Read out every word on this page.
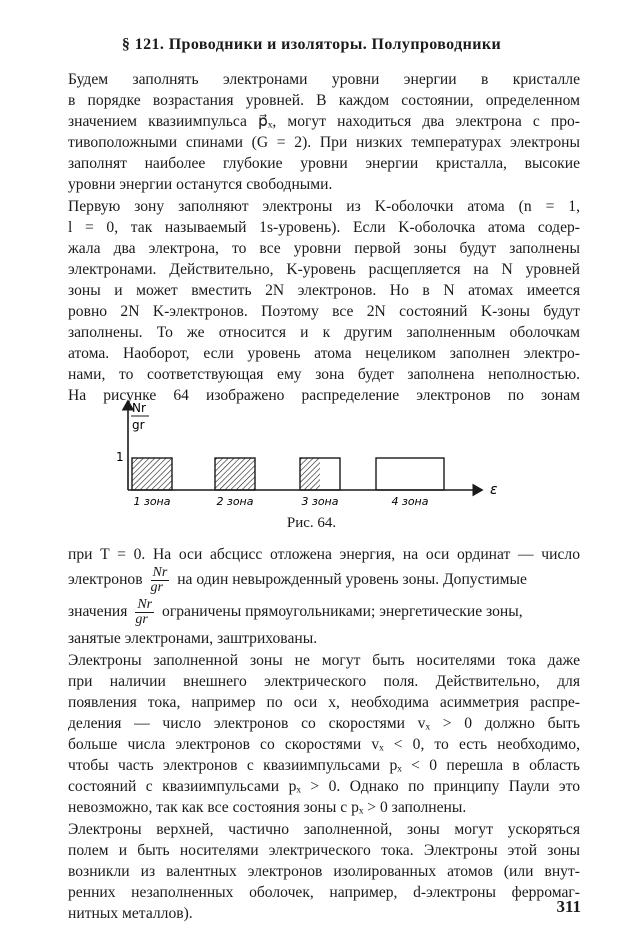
§ 121. Проводники и изоляторы. Полупроводники
Будем заполнять электронами уровни энергии в кристалле
в порядке возрастания уровней. В каждом состоянии, определенном
значением квазиимпульса p⃗ₓ, могут находиться два электрона с про-
тивоположными спинами (G = 2). При низких температурах электроны
заполнят наиболее глубокие уровни энергии кристалла, высокие
уровни энергии останутся свободными.
Первую зону заполняют электроны из K-оболочки атома (n = 1,
l = 0, так называемый 1s-уровень). Если K-оболочка атома содер-
жала два электрона, то все уровни первой зоны будут заполнены
электронами. Действительно, K-уровень расщепляется на N уровней
зоны и может вместить 2N электронов. Но в N атомах имеется
ровно 2N K-электронов. Поэтому все 2N состояний K-зоны будут
заполнены. То же относится и к другим заполненным оболочкам
атома. Наоборот, если уровень атома нецеликом заполнен электро-
нами, то соответствующая ему зона будет заполнена неполностью.
На рисунке 64 изображено распределение электронов по зонам
Nr
gr
1
ε
1 зона	2 зона	3 зона	4 зона
Рис. 64.
при T = 0. На оси абсцисс отложена энергия, на оси ординат — число
электронов $\frac{Nr}{gr}$ на один невырожденный уровень зоны. Допустимые
значения $\frac{Nr}{gr}$ ограничены прямоугольниками; энергетические зоны,
занятые электронами, заштрихованы.
Электроны заполненной зоны не могут быть носителями тока даже
при наличии внешнего электрического поля. Действительно, для
появления тока, например по оси x, необходима асимметрия распре-
деления — число электронов со скоростями vₓ > 0 должно быть
больше числа электронов со скоростями vₓ < 0, то есть необходимо,
чтобы часть электронов с квазиимпульсами pₓ < 0 перешла в область
состояний с квазиимпульсами pₓ > 0. Однако по принципу Паули это
невозможно, так как все состояния зоны с pₓ > 0 заполнены.
Электроны верхней, частично заполненной, зоны могут ускоряться
полем и быть носителями электрического тока. Электроны этой зоны
возникли из валентных электронов изолированных атомов (или внут-
ренних незаполненных оболочек, например, d-электроны ферромаг-
нитных металлов).	311
